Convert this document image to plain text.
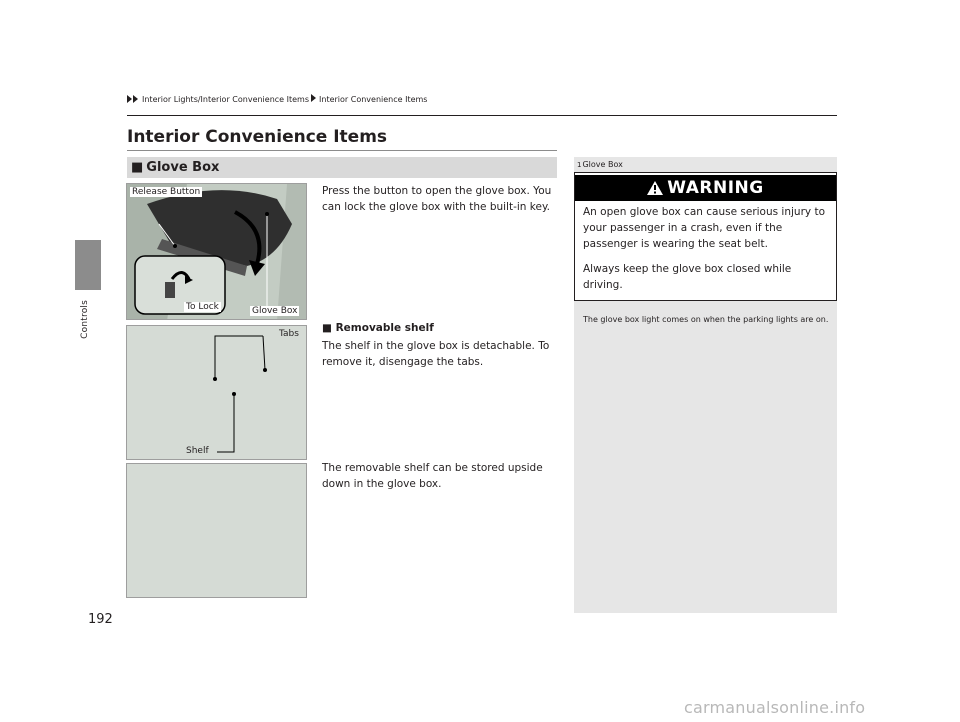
Interior Lights/Interior Convenience Items Interior Convenience Items
Controls
192
Interior Convenience Items
■ Glove Box
Release Button
To Lock	Glove Box
Tabs
Shelf
Press the button to open the glove box. You can lock the glove box with the built-in key.
■ Removable shelf
The shelf in the glove box is detachable. To remove it, disengage the tabs.
The removable shelf can be stored upside down in the glove box.
1Glove Box
WARNING
An open glove box can cause serious injury to your passenger in a crash, even if the passenger is wearing the seat belt.
Always keep the glove box closed while driving.
The glove box light comes on when the parking lights are on.
carmanualsonline.info
